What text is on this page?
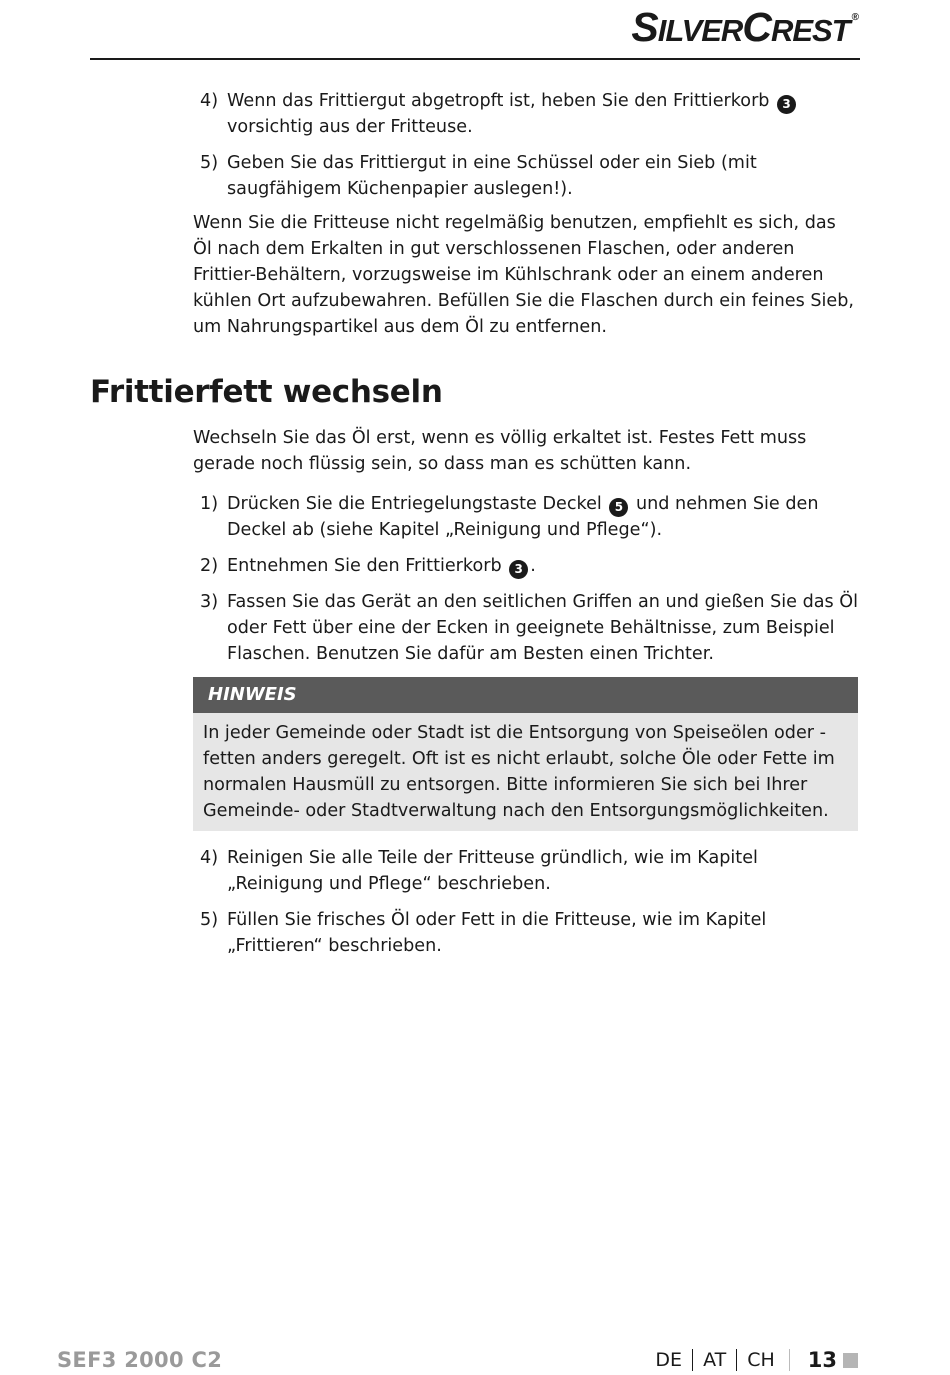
SILVERCREST ®
4) Wenn das Frittiergut abgetropft ist, heben Sie den Frittierkorb 3 vorsichtig aus der Fritteuse.
5) Geben Sie das Frittiergut in eine Schüssel oder ein Sieb (mit saugfähigem Küchenpapier auslegen!).

Wenn Sie die Fritteuse nicht regelmäßig benutzen, empfiehlt es sich, das Öl nach dem Erkalten in gut verschlossenen Flaschen, oder anderen Frittier-Behältern, vorzugsweise im Kühlschrank oder an einem anderen kühlen Ort aufzubewahren. Befüllen Sie die Flaschen durch ein feines Sieb, um Nahrungspartikel aus dem Öl zu entfernen.

Frittierfett wechseln

Wechseln Sie das Öl erst, wenn es völlig erkaltet ist. Festes Fett muss gerade noch flüssig sein, so dass man es schütten kann.

1) Drücken Sie die Entriegelungstaste Deckel 5 und nehmen Sie den Deckel ab (siehe Kapitel „Reinigung und Pflege“).
2) Entnehmen Sie den Frittierkorb 3 .
3) Fassen Sie das Gerät an den seitlichen Griffen an und gießen Sie das Öl oder Fett über eine der Ecken in geeignete Behältnisse, zum Beispiel Flaschen. Benutzen Sie dafür am Besten einen Trichter.
HINWEIS
In jeder Gemeinde oder Stadt ist die Entsorgung von Speiseölen oder -fetten anders geregelt. Oft ist es nicht erlaubt, solche Öle oder Fette im normalen Hausmüll zu entsorgen. Bitte informieren Sie sich bei Ihrer Gemeinde- oder Stadtverwaltung nach den Entsorgungsmöglichkeiten.
4) Reinigen Sie alle Teile der Fritteuse gründlich, wie im Kapitel „Reinigung und Pflege“ beschrieben.
5) Füllen Sie frisches Öl oder Fett in die Fritteuse, wie im Kapitel „Frittieren“ beschrieben.
SEF3 2000 C2	DE AT CH 13
